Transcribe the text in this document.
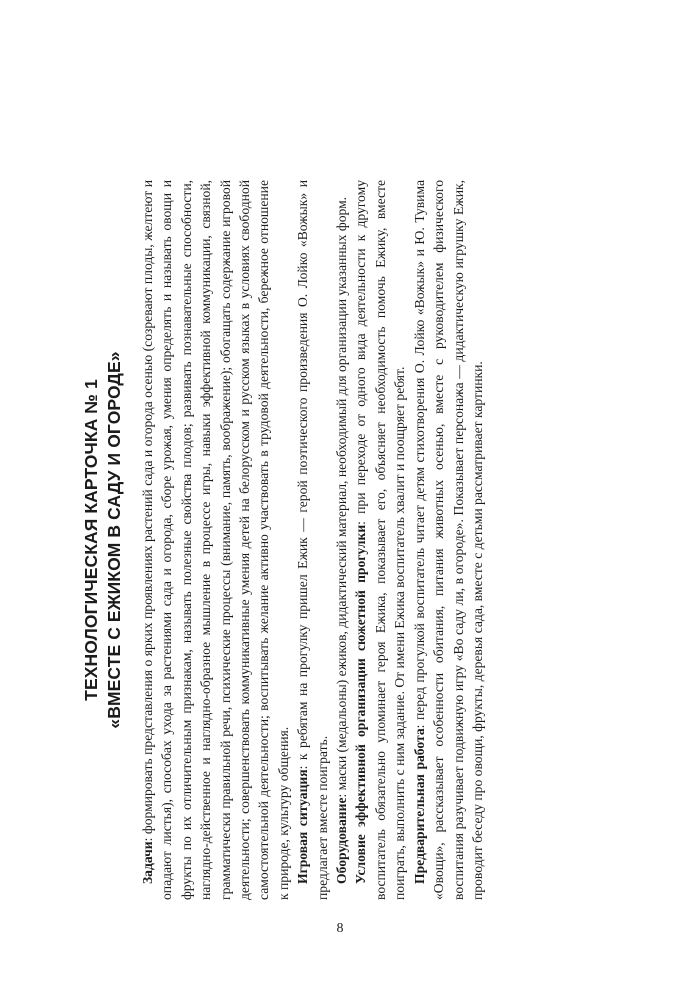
ТЕХНОЛОГИЧЕСКАЯ КАРТОЧКА № 1 «ВМЕСТЕ С ЕЖИКОМ В САДУ И ОГОРОДЕ»

Задачи: формировать представления о ярких проявлениях растений сада и огорода осенью (созревают плоды, желтеют и опадают листья), способах ухода за растениями сада и огорода, сборе урожая, умения определять и называть овощи и фрукты по их отличительным признакам, называть полезные свойства плодов; развивать познавательные способности, наглядно-действенное и наглядно-образное мышление в процессе игры, навыки эффективной коммуникации, связной, грамматически правильной речи, психические процессы (внимание, память, воображение); обогащать содержание игровой деятельности; совершенствовать коммуникативные умения детей на белорусском и русском языках в условиях свободной самостоятельной деятельности; воспитывать желание активно участвовать в трудовой деятельности, бережное отношение к природе, культуру общения. Игровая ситуация: к ребятам на прогулку пришел Ежик — герой поэтического произведения О. Лойко «Вожык» и предлагает вместе поиграть. Оборудование: маски (медальоны) ежиков, дидактический материал, необходимый для организации указанных форм. Условие эффективной организации сюжетной прогулки: при переходе от одного вида деятельности к другому воспитатель обязательно упоминает героя Ежика, показывает его, объясняет необходимость помочь Ежику, вместе поиграть, выполнить с ним задание. От имени Ежика воспитатель хвалит и поощряет ребят. Предварительная работа: перед прогулкой воспитатель читает детям стихотворения О. Лойко «Вожык» и Ю. Тувима «Овощи», рассказывает особенности обитания, питания животных осенью, вместе с руководителем физического воспитания разучивает подвижную игру «Во саду ли, в огороде». Показывает персонажа — дидактическую игрушку Ежик, проводит беседу про овощи, фрукты, деревья сада, вместе с детьми рассматривает картинки.

8
